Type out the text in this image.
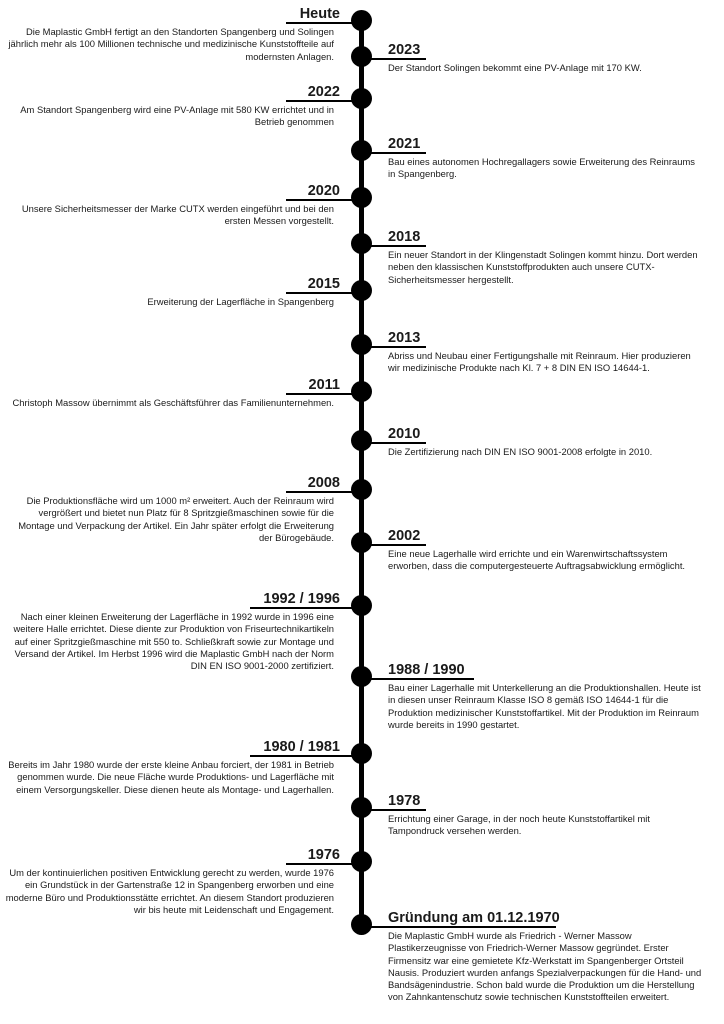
Heute
Die Maplastic GmbH fertigt an den Standorten Spangenberg und Solingen jährlich mehr als 100 Millionen technische und medizinische Kunststoffteile auf modernsten Anlagen.	2023
Der Standort Solingen bekommt eine PV-Anlage mit 170 KW.
2022
Am Standort Spangenberg wird eine PV-Anlage mit 580 KW errichtet und in Betrieb genommen
2021
Bau eines autonomen Hochregallagers sowie Erweiterung des Reinraums in Spangenberg.
2020
Unsere Sicherheitsmesser der Marke CUTX werden eingeführt und bei den ersten Messen vorgestellt.
2018
Ein neuer Standort in der Klingenstadt Solingen kommt hinzu. Dort werden neben den klassischen Kunststoffprodukten auch unsere CUTX-Sicherheitsmesser hergestellt.
2015
Erweiterung der Lagerfläche in Spangenberg
2013
Abriss und Neubau einer Fertigungshalle mit Reinraum. Hier produzieren wir medizinische Produkte nach Kl. 7 + 8 DIN EN ISO 14644-1.
2011
Christoph Massow übernimmt als Geschäftsführer das Familienunternehmen.
2010
Die Zertifizierung nach DIN EN ISO 9001-2008 erfolgte in 2010.
2008
Die Produktionsfläche wird um 1000 m² erweitert. Auch der Reinraum wird vergrößert und bietet nun Platz für 8 Spritzgießmaschinen sowie für die Montage und Verpackung der Artikel. Ein Jahr später erfolgt die Erweiterung der Bürogebäude.	2002
Eine neue Lagerhalle wird errichte und ein Warenwirtschaftssystem erworben, dass die computergesteuerte Auftragsabwicklung ermöglicht.
1992 / 1996
Nach einer kleinen Erweiterung der Lagerfläche in 1992 wurde in 1996 eine weitere Halle errichtet. Diese diente zur Produktion von Friseurtechnikartikeln auf einer Spritzgießmaschine mit 550 to. Schließkraft sowie zur Montage und Versand der Artikel. Im Herbst 1996 wird die Maplastic GmbH nach der Norm DIN EN ISO 9001-2000 zertifiziert.	1988 / 1990
Bau einer Lagerhalle mit Unterkellerung an die Produktionshallen. Heute ist in diesen unser Reinraum Klasse ISO 8 gemäß ISO 14644-1 für die Produktion medizinischer Kunststoffartikel. Mit der Produktion im Reinraum wurde bereits in 1990 gestartet.
1980 / 1981
Bereits im Jahr 1980 wurde der erste kleine Anbau forciert, der 1981 in Betrieb genommen wurde. Die neue Fläche wurde Produktions- und Lagerfläche mit einem Versorgungskeller. Diese dienen heute als Montage- und Lagerhallen.
1978
Errichtung einer Garage, in der noch heute Kunststoffartikel mit Tampondruck versehen werden.
1976
Um der kontinuierlichen positiven Entwicklung gerecht zu werden, wurde 1976 ein Grundstück in der Gartenstraße 12 in Spangenberg erworben und eine moderne Büro und Produktionsstätte errichtet. An diesem Standort produzieren wir bis heute mit Leidenschaft und Engagement.
Gründung am 01.12.1970
Die Maplastic GmbH wurde als Friedrich - Werner Massow Plastikerzeugnisse von Friedrich-Werner Massow gegründet. Erster Firmensitz war eine gemietete Kfz-Werkstatt im Spangenberger Ortsteil Nausis. Produziert wurden anfangs Spezialverpackungen für die Hand- und Bandsägenindustrie. Schon bald wurde die Produktion um die Herstellung von Zahnkantenschutz sowie technischen Kunststoffteilen erweitert.
